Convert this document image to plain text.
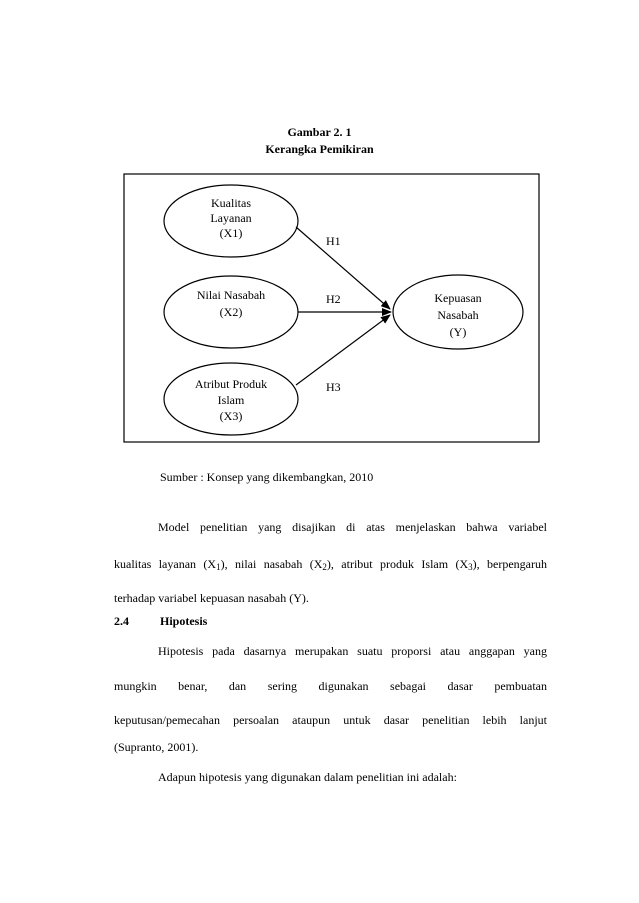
Gambar 2. 1
Kerangka Pemikiran
Kualitas
Layanan
(X1)
Nilai Nasabah
(X2)
Atribut Produk
Islam
(X3)
Kepuasan
Nasabah
(Y)
H1
H2
H3
Sumber : Konsep yang dikembangkan, 2010
Model penelitian yang disajikan di atas menjelaskan bahwa variabel
kualitas layanan $(X_1)$, nilai nasabah $(X_2)$, atribut produk Islam $(X_3)$, berpengaruh
terhadap variabel kepuasan nasabah (Y).
2.4	Hipotesis
Hipotesis pada dasarnya merupakan suatu proporsi atau anggapan yang
mungkin benar, dan sering digunakan sebagai dasar pembuatan
keputusan/pemecahan persoalan ataupun untuk dasar penelitian lebih lanjut
(Supranto, 2001).
Adapun hipotesis yang digunakan dalam penelitian ini adalah:
